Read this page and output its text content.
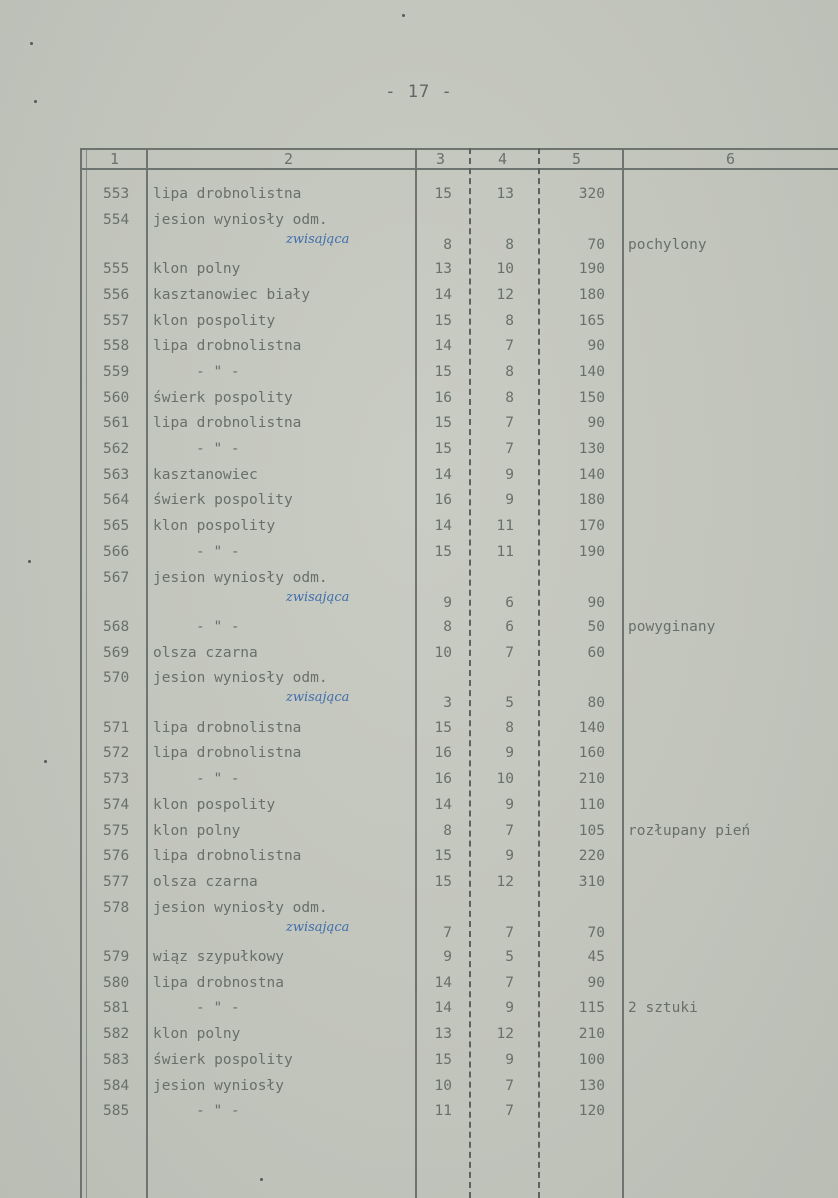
- 17 -
1	2	3	4	5	6
553 lipa drobnolistna	15	13	320
554 jesion wyniosły odm.
zwisająca	8	8	70 pochylony
555 klon polny	13	10	190
556 kasztanowiec biały	14	12	180
557 klon pospolity	15	8	165
558 lipa drobnolistna	14	7	90
559	- " -	15	8	140
560 świerk pospolity	16	8	150
561 lipa drobnolistna	15	7	90
562	- " -	15	7	130
563 kasztanowiec	14	9	140
564 świerk pospolity	16	9	180
565 klon pospolity	14	11	170
566	- " -	15	11	190
567 jesion wyniosły odm.
zwisająca	9	6	90
568	- " -	8	6	50 powyginany
569 olsza czarna	10	7	60
570 jesion wyniosły odm.
zwisająca	3	5	80
571 lipa drobnolistna	15	8	140
572 lipa drobnolistna	16	9	160
573	- " -	16	10	210
574 klon pospolity	14	9	110
575 klon polny	8	7	105 rozłupany pień
576 lipa drobnolistna	15	9	220
577 olsza czarna	15	12	310
578 jesion wyniosły odm.
zwisająca	7	7	70
579 wiąz szypułkowy	9	5	45
580 lipa drobnostna	14	7	90
581	- " -	14	9	115 2 sztuki
582 klon polny	13	12	210
583 świerk pospolity	15	9	100
584 jesion wyniosły	10	7	130
585	- " -	11	7	120
